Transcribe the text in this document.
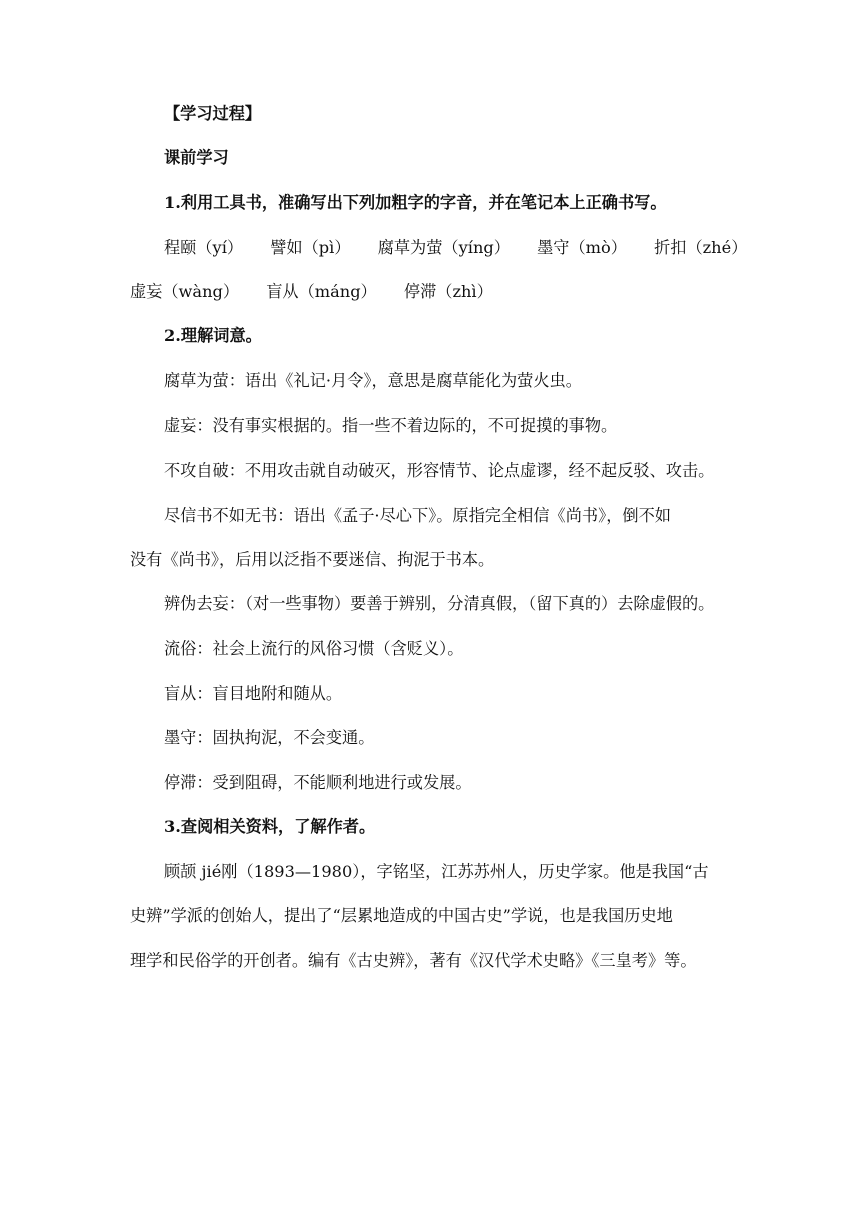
【学习过程】

课前学习

1.利用工具书，准确写出下列加粗字的字音，并在笔记本上正确书写。

程颐（yí） 譬如（pì） 腐草为萤（yíng） 墨守（mò） 折扣（zhé）

虚妄（wàng） 盲从（máng） 停滞（zhì）

2.理解词意。

腐草为萤：语出《礼记·月令》，意思是腐草能化为萤火虫。

虚妄：没有事实根据的。指一些不着边际的，不可捉摸的事物。

不攻自破：不用攻击就自动破灭，形容情节、论点虚谬，经不起反驳、攻击。

尽信书不如无书：语出《孟子·尽心下》。原指完全相信《尚书》，倒不如

没有《尚书》，后用以泛指不要迷信、拘泥于书本。

辨伪去妄：（对一些事物）要善于辨别，分清真假，（留下真的）去除虚假的。

流俗：社会上流行的风俗习惯（含贬义）。

盲从：盲目地附和随从。

墨守：固执拘泥，不会变通。

停滞：受到阻碍，不能顺利地进行或发展。

3.查阅相关资料，了解作者。

顾颉 jié刚（1893—1980），字铭坚，江苏苏州人，历史学家。他是我国“古

史辨”学派的创始人，提出了“层累地造成的中国古史”学说，也是我国历史地

理学和民俗学的开创者。编有《古史辨》，著有《汉代学术史略》《三皇考》等。
